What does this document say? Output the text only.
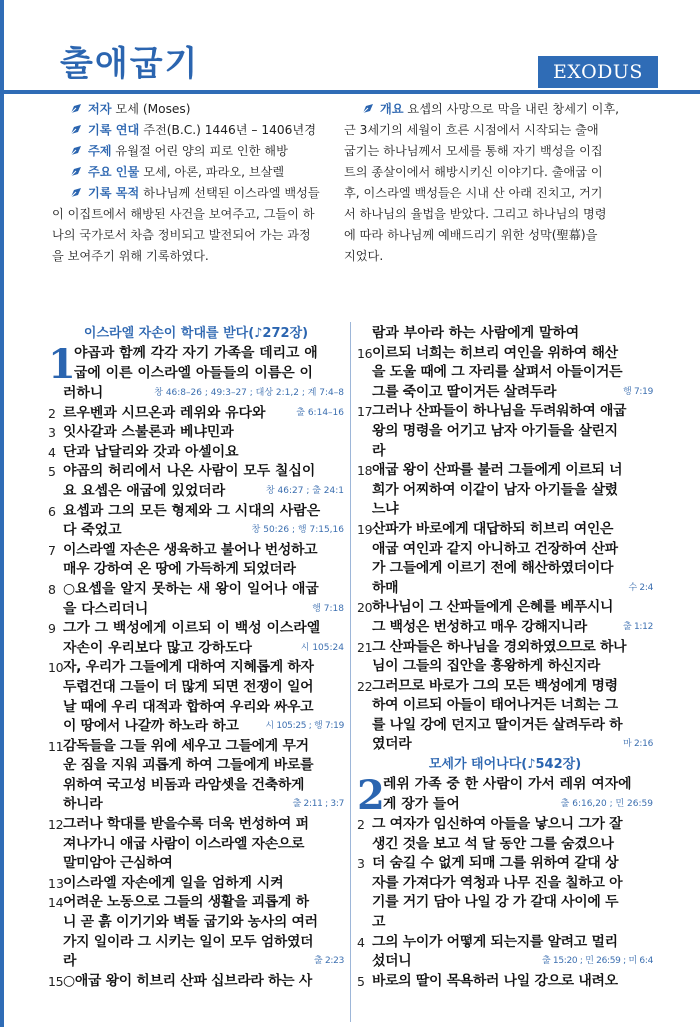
출애굽기	EXODUS
저자 모세 (Moses)
기록 연대 주전(B.C.) 1446년 – 1406년경
주제 유월절 어린 양의 피로 인한 해방
주요 인물 모세, 아론, 파라오, 브살렐
기록 목적 하나님께 선택된 이스라엘 백성들
이 이집트에서 해방된 사건을 보여주고, 그들이 하
나의 국가로서 차츰 정비되고 발전되어 가는 과정
을 보여주기 위해 기록하였다.
개요 요셉의 사망으로 막을 내린 창세기 이후,
근 3세기의 세월이 흐른 시점에서 시작되는 출애
굽기는 하나님께서 모세를 통해 자기 백성을 이집
트의 종살이에서 해방시키신 이야기다. 출애굽 이
후, 이스라엘 백성들은 시내 산 아래 진치고, 거기
서 하나님의 율법을 받았다. 그리고 하나님의 명령
에 따라 하나님께 예배드리기 위한 성막(聖幕)을
지었다.
이스라엘 자손이 학대를 받다(♪272장)
1
야곱과 함께 각각 자기 가족을 데리고 애
굽에 이른 이스라엘 아들들의 이름은 이
러하니	창 46:8–26 ; 49:3–27 ; 대상 2:1,2 ; 계 7:4–8
2 르우벤과 시므온과 레위와 유다와	출 6:14–16
3 잇사갈과 스불론과 베냐민과
4 단과 납달리와 갓과 아셀이요
5 야곱의 허리에서 나온 사람이 모두 칠십이
요 요셉은 애굽에 있었더라	창 46:27 ; 출 24:1
6 요셉과 그의 모든 형제와 그 시대의 사람은
다 죽었고	창 50:26 ; 행 7:15,16
7 이스라엘 자손은 생육하고 불어나 번성하고
매우 강하여 온 땅에 가득하게 되었더라
8 ○요셉을 알지 못하는 새 왕이 일어나 애굽
을 다스리더니	행 7:18
9 그가 그 백성에게 이르되 이 백성 이스라엘
자손이 우리보다 많고 강하도다	시 105:24
10 자, 우리가 그들에게 대하여 지혜롭게 하자
두렵건대 그들이 더 많게 되면 전쟁이 일어
날 때에 우리 대적과 합하여 우리와 싸우고
이 땅에서 나갈까 하노라 하고	시 105:25 ; 행 7:19
11 감독들을 그들 위에 세우고 그들에게 무거
운 짐을 지워 괴롭게 하여 그들에게 바로를
위하여 국고성 비돔과 라암셋을 건축하게
하니라	출 2:11 ; 3:7
12 그러나 학대를 받을수록 더욱 번성하여 퍼
져나가니 애굽 사람이 이스라엘 자손으로
말미암아 근심하여
13 이스라엘 자손에게 일을 엄하게 시켜
14 어려운 노동으로 그들의 생활을 괴롭게 하
니 곧 흙 이기기와 벽돌 굽기와 농사의 여러
가지 일이라 그 시키는 일이 모두 엄하였더
라	출 2:23
15 ○애굽 왕이 히브리 산파 십브라라 하는 사
람과 부아라 하는 사람에게 말하여
16 이르되 너희는 히브리 여인을 위하여 해산
을 도울 때에 그 자리를 살펴서 아들이거든
그를 죽이고 딸이거든 살려두라	행 7:19
17 그러나 산파들이 하나님을 두려워하여 애굽
왕의 명령을 어기고 남자 아기들을 살린지
라
18 애굽 왕이 산파를 불러 그들에게 이르되 너
희가 어찌하여 이같이 남자 아기들을 살렸
느냐
19 산파가 바로에게 대답하되 히브리 여인은
애굽 여인과 같지 아니하고 건장하여 산파
가 그들에게 이르기 전에 해산하였더이다
하매	수 2:4
20 하나님이 그 산파들에게 은혜를 베푸시니
그 백성은 번성하고 매우 강해지니라	출 1:12
21 그 산파들은 하나님을 경외하였으므로 하나
님이 그들의 집안을 흥왕하게 하신지라
22 그러므로 바로가 그의 모든 백성에게 명령
하여 이르되 아들이 태어나거든 너희는 그
를 나일 강에 던지고 딸이거든 살려두라 하
였더라	마 2:16
모세가 태어나다(♪542장)
2
레위 가족 중 한 사람이 가서 레위 여자에
게 장가 들어	출 6:16,20 ; 민 26:59
2 그 여자가 임신하여 아들을 낳으니 그가 잘
생긴 것을 보고 석 달 동안 그를 숨겼으나
3 더 숨길 수 없게 되매 그를 위하여 갈대 상
자를 가져다가 역청과 나무 진을 칠하고 아
기를 거기 담아 나일 강 가 갈대 사이에 두
고
4 그의 누이가 어떻게 되는지를 알려고 멀리
섰더니	출 15:20 ; 민 26:59 ; 미 6:4
5 바로의 딸이 목욕하러 나일 강으로 내려오
